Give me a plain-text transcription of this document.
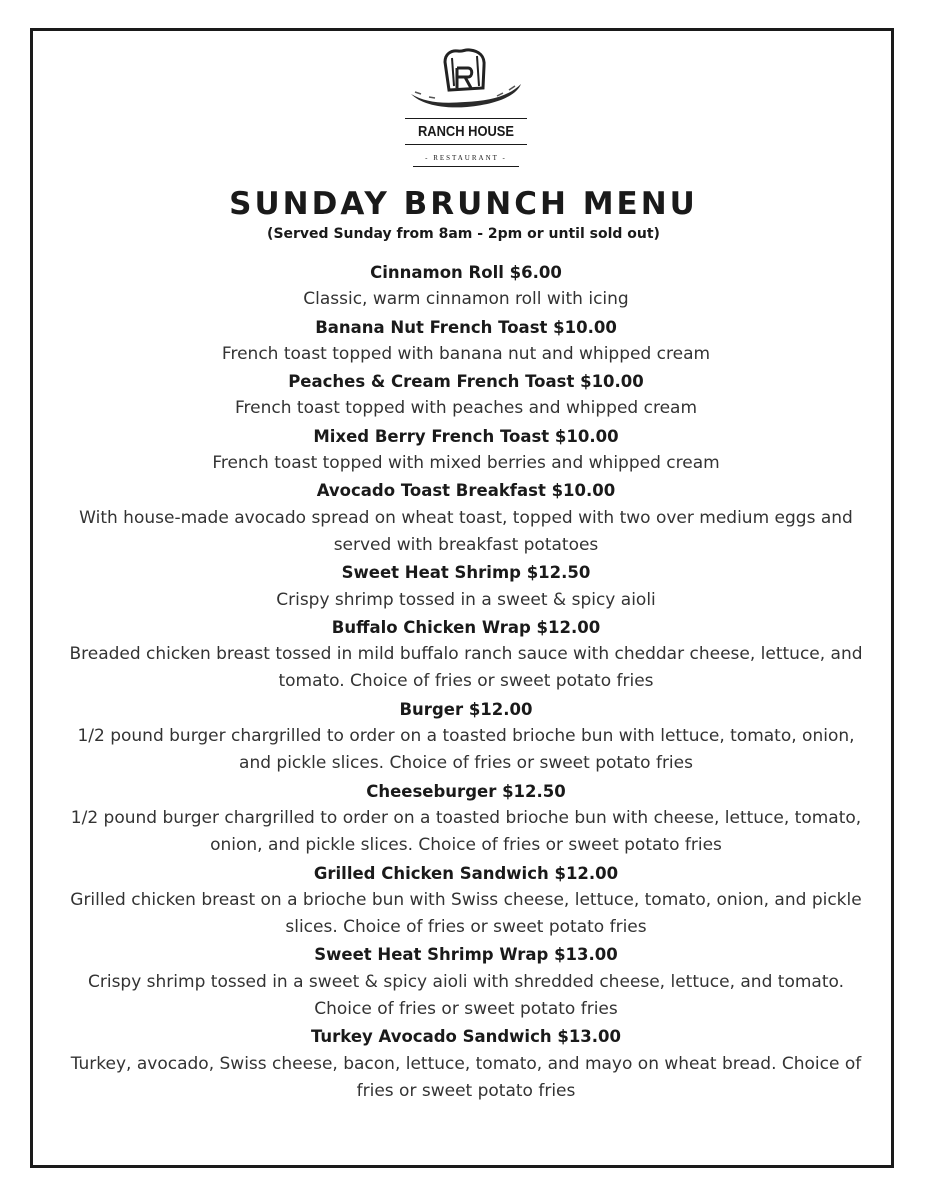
RANCH HOUSE
- RESTAURANT -
SUNDAY BRUNCH MENU
(Served Sunday from 8am - 2pm or until sold out)
Cinnamon Roll $6.00
Classic, warm cinnamon roll with icing
Banana Nut French Toast $10.00
French toast topped with banana nut and whipped cream
Peaches & Cream French Toast $10.00
French toast topped with peaches and whipped cream
Mixed Berry French Toast $10.00
French toast topped with mixed berries and whipped cream
Avocado Toast Breakfast $10.00
With house-made avocado spread on wheat toast, topped with two over medium eggs and served with breakfast potatoes
Sweet Heat Shrimp $12.50
Crispy shrimp tossed in a sweet & spicy aioli
Buffalo Chicken Wrap $12.00
Breaded chicken breast tossed in mild buffalo ranch sauce with cheddar cheese, lettuce, and tomato. Choice of fries or sweet potato fries
Burger $12.00
1/2 pound burger chargrilled to order on a toasted brioche bun with lettuce, tomato, onion, and pickle slices. Choice of fries or sweet potato fries
Cheeseburger $12.50
1/2 pound burger chargrilled to order on a toasted brioche bun with cheese, lettuce, tomato, onion, and pickle slices. Choice of fries or sweet potato fries
Grilled Chicken Sandwich $12.00
Grilled chicken breast on a brioche bun with Swiss cheese, lettuce, tomato, onion, and pickle slices. Choice of fries or sweet potato fries
Sweet Heat Shrimp Wrap $13.00
Crispy shrimp tossed in a sweet & spicy aioli with shredded cheese, lettuce, and tomato. Choice of fries or sweet potato fries
Turkey Avocado Sandwich $13.00
Turkey, avocado, Swiss cheese, bacon, lettuce, tomato, and mayo on wheat bread. Choice of fries or sweet potato fries
